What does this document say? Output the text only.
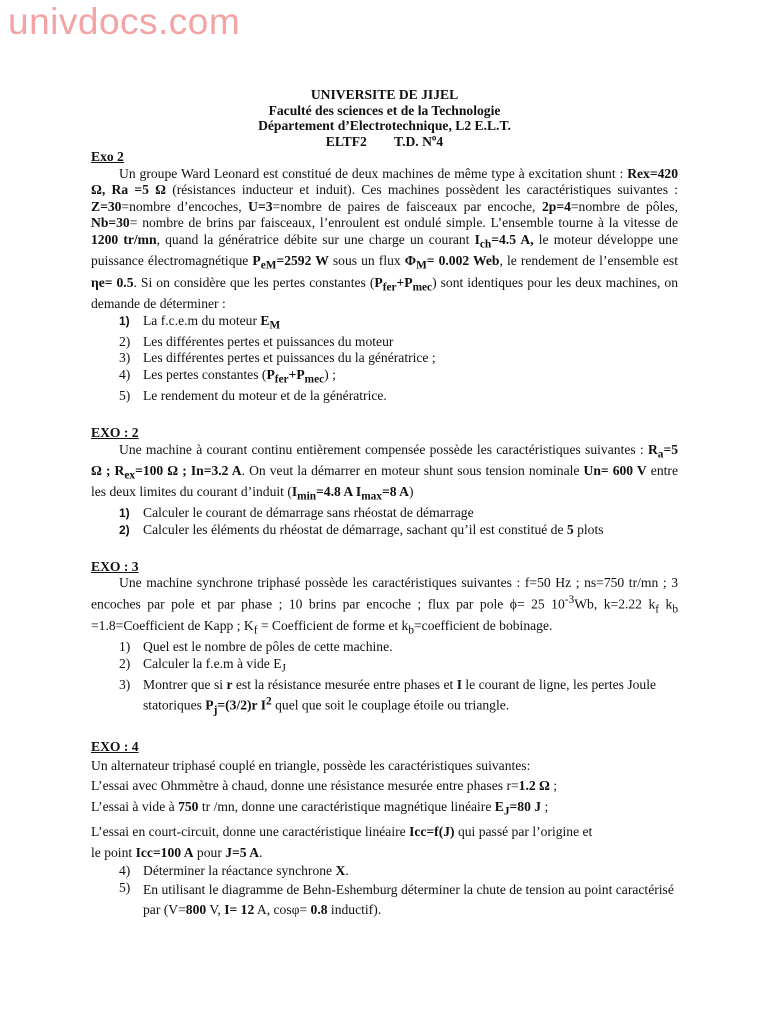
univdocs.com
UNIVERSITE DE JIJEL
Faculté des sciences et de la Technologie
Département d’Electrotechnique, L2 E.L.T.
ELTF2 T.D. $N^o4$
Exo 2
Un groupe Ward Leonard est constitué de deux machines de même type à excitation shunt : Rex=420 Ω, Ra =5 Ω (résistances inducteur et induit). Ces machines possèdent les caractéristiques suivantes : Z=30=nombre d’encoches, U=3=nombre de paires de faisceaux par encoche, 2p=4=nombre de pôles, Nb=30= nombre de brins par faisceaux, l’enroulent est ondulé simple. L’ensemble tourne à la vitesse de 1200 tr/mn, quand la génératrice débite sur une charge un courant $I_{ch}=4.5$ A, le moteur développe une puissance électromagnétique $P_{eM}=2592$ W sous un flux $\Phi_M= 0.002$ Web, le rendement de l’ensemble est ηe= 0.5. Si on considère que les pertes constantes $(P_{fer}+P_{mec})$ sont identiques pour les deux machines, on demande de déterminer :
1) La f.c.e.m du moteur $E_M$
2) Les différentes pertes et puissances du moteur
3) Les différentes pertes et puissances du la génératrice ;
4) Les pertes constantes $(P_{fer}+P_{mec})$ ;
5) Le rendement du moteur et de la génératrice.
EXO : 2
Une machine à courant continu entièrement compensée possède les caractéristiques suivantes : $R_a=5$ Ω ; $R_{ex}=100$ Ω ; In=3.2 A. On veut la démarrer en moteur shunt sous tension nominale Un= 600 V entre les deux limites du courant d’induit ($I_{min}=4.8$ A $I_{max}=8$ A)
1) Calculer le courant de démarrage sans rhéostat de démarrage
2) Calculer les éléments du rhéostat de démarrage, sachant qu’il est constitué de 5 plots
EXO : 3
Une machine synchrone triphasé possède les caractéristiques suivantes : f=50 Hz ; ns=750 tr/mn ; 3 encoches par pole et par phase ; 10 brins par encoche ; flux par pole ϕ= 25 $10^{-3}Wb$, k=2.22 $k_f$ $k_b$ =1.8=Coefficient de Kapp ; $K_f$ = Coefficient de forme et $k_b=coefficient$ de bobinage.
1) Quel est le nombre de pôles de cette machine.
2) Calculer la f.e.m à vide $E_J$
3) Montrer que si r est la résistance mesurée entre phases et I le courant de ligne, les pertes Joule statoriques $P_j=(3/2)r$ $I^2$ quel que soit le couplage étoile ou triangle.
EXO : 4
Un alternateur triphasé couplé en triangle, possède les caractéristiques suivantes:
L’essai avec Ohmmètre à chaud, donne une résistance mesurée entre phases r=1.2 Ω ;
L’essai à vide à 750 tr /mn, donne une caractéristique magnétique linéaire $E_J=80$ J ;
L’essai en court-circuit, donne une caractéristique linéaire Icc=f(J) qui passé par l’origine et
le point Icc=100 A pour J=5 A.
4) Déterminer la réactance synchrone X.
5) En utilisant le diagramme de Behn-Eshemburg déterminer la chute de tension au point caractérisé par (V=800 V, I= 12 A, cosφ= 0.8 inductif).
